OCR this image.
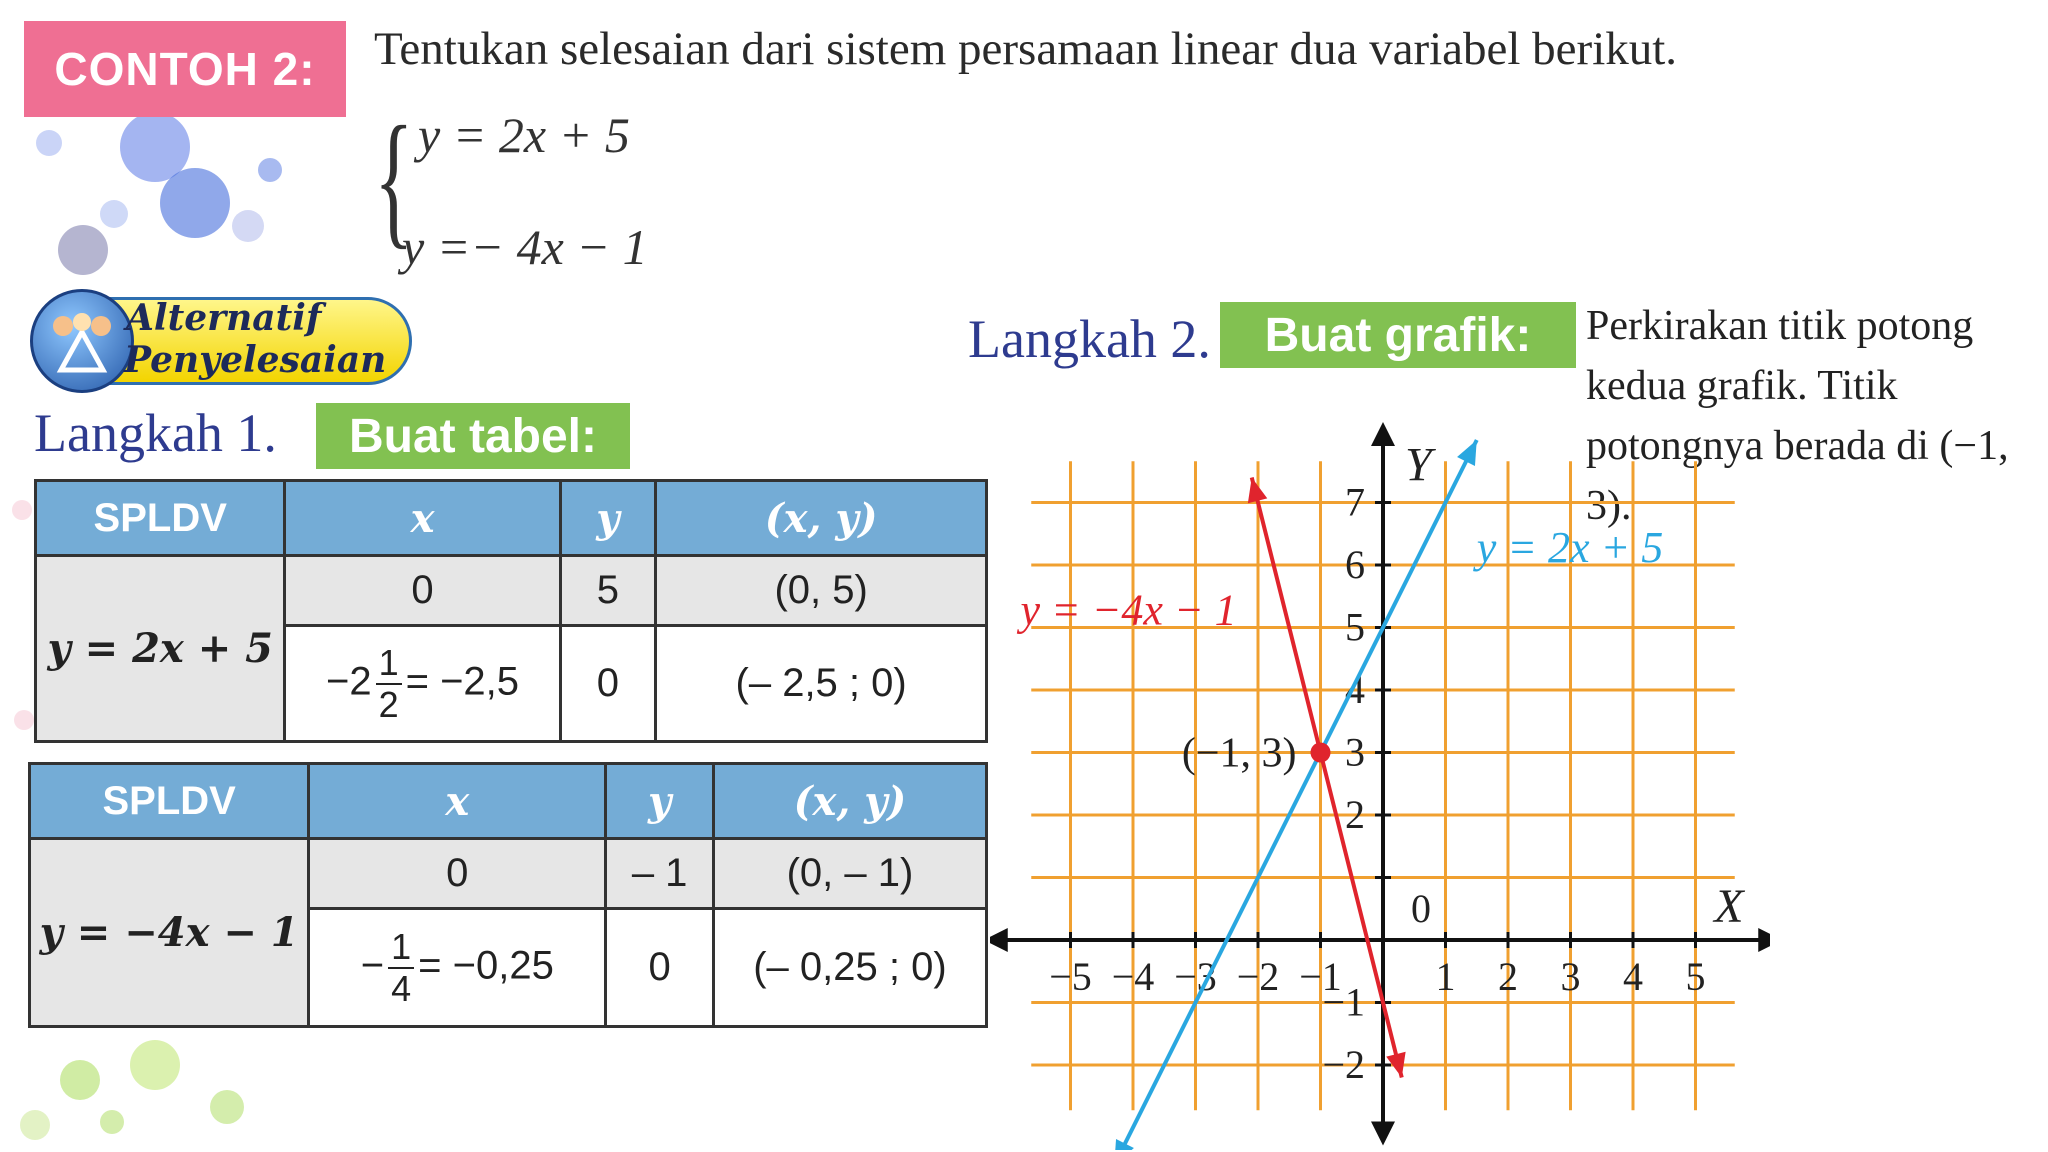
CONTOH 2:	Tentukan selesaian dari sistem persamaan linear dua variabel berikut.
{ y = 2x + 5
y =− 4x − 1
Alternatif
Penyelesaian
Langkah 1.	Buat tabel:
Langkah 2.	Buat grafik:	Perkirakan titik potong kedua grafik. Titik potongnya berada di (−1, 3).
SPLDV	x	y	(x, y)
y = 2x + 5	0	5	(0, 5)
	$-2 \frac{1}{2} = -2,5$	0	(– 2,5 ; 0)
SPLDV	x	y	(x, y)
y = −4x − 1	0	– 1	(0, – 1)
	− $\frac{1}{4} = -0,25$	0	(– 0,25 ; 0)	−5 −4 −3 −2 −1 1 2 3 4 5
−2
−1
0
2
3
4
5
6
7
X
Y
y = 2x + 5
y = −4x − 1
(−1, 3)
